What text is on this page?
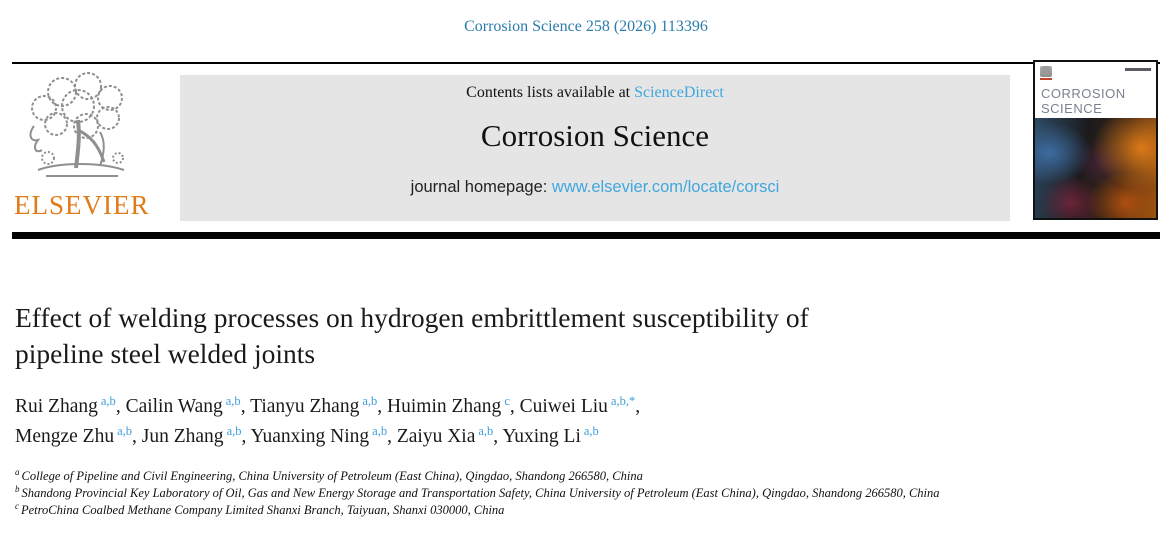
Corrosion Science 258 (2026) 113396
ELSEVIER
Contents lists available at ScienceDirect
Corrosion Science
journal homepage: www.elsevier.com/locate/corsci
CORROSION
SCIENCE
Effect of welding processes on hydrogen embrittlement susceptibility of
pipeline steel welded joints
Rui Zhang $^{a,b}$, Cailin Wang $^{a,b}$, Tianyu Zhang $^{a,b}$, Huimin Zhang $^c$, Cuiwei Liu $^{a,b,*}$,
Mengze Zhu $^{a,b}$, Jun Zhang $^{a,b}$, Yuanxing Ning $^{a,b}$, Zaiyu Xia $^{a,b}$, Yuxing Li $^{a,b}$
$^a$ College of Pipeline and Civil Engineering, China University of Petroleum (East China), Qingdao, Shandong 266580, China
$^b$ Shandong Provincial Key Laboratory of Oil, Gas and New Energy Storage and Transportation Safety, China University of Petroleum (East China), Qingdao, Shandong 266580, China
$^c$ PetroChina Coalbed Methane Company Limited Shanxi Branch, Taiyuan, Shanxi 030000, China
